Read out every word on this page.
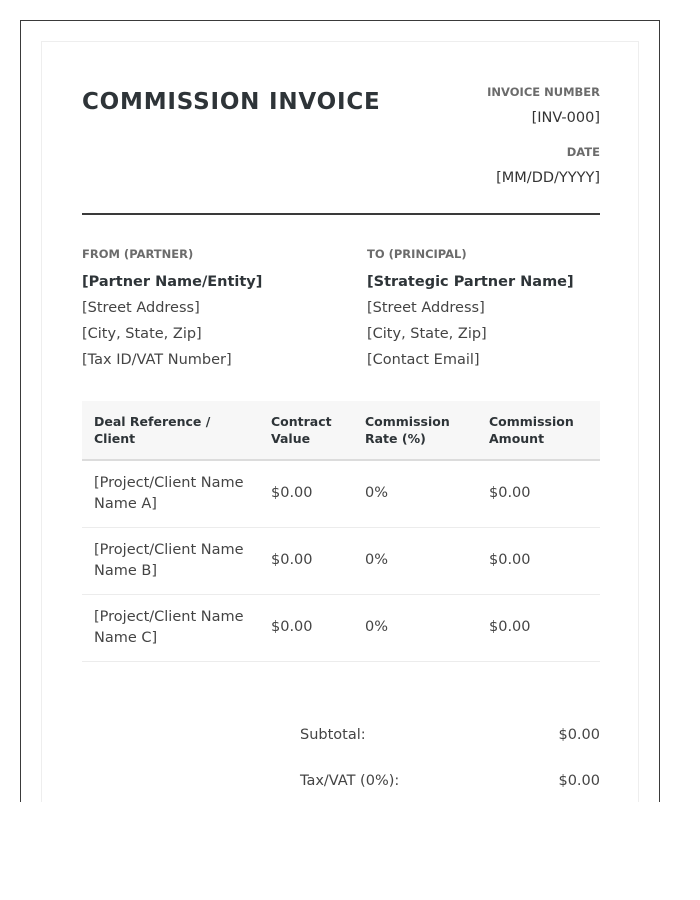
COMMISSION INVOICE	INVOICE NUMBER
[INV-000]
DATE
[MM/DD/YYYY]
FROM (PARTNER)
[Partner Name/Entity]
[Street Address]
[City, State, Zip]
[Tax ID/VAT Number]
TO (PRINCIPAL)
[Strategic Partner Name]
[Street Address]
[City, State, Zip]
[Contact Email]
Deal Reference / Client	Contract Value	Commission Rate (%)	Commission Amount
[Project/Client Name Name A]	$0.00	0%	$0.00
[Project/Client Name Name B]	$0.00	0%	$0.00
[Project/Client Name Name C]	$0.00	0%	$0.00
Subtotal:	$0.00
Tax/VAT (0%):	$0.00
